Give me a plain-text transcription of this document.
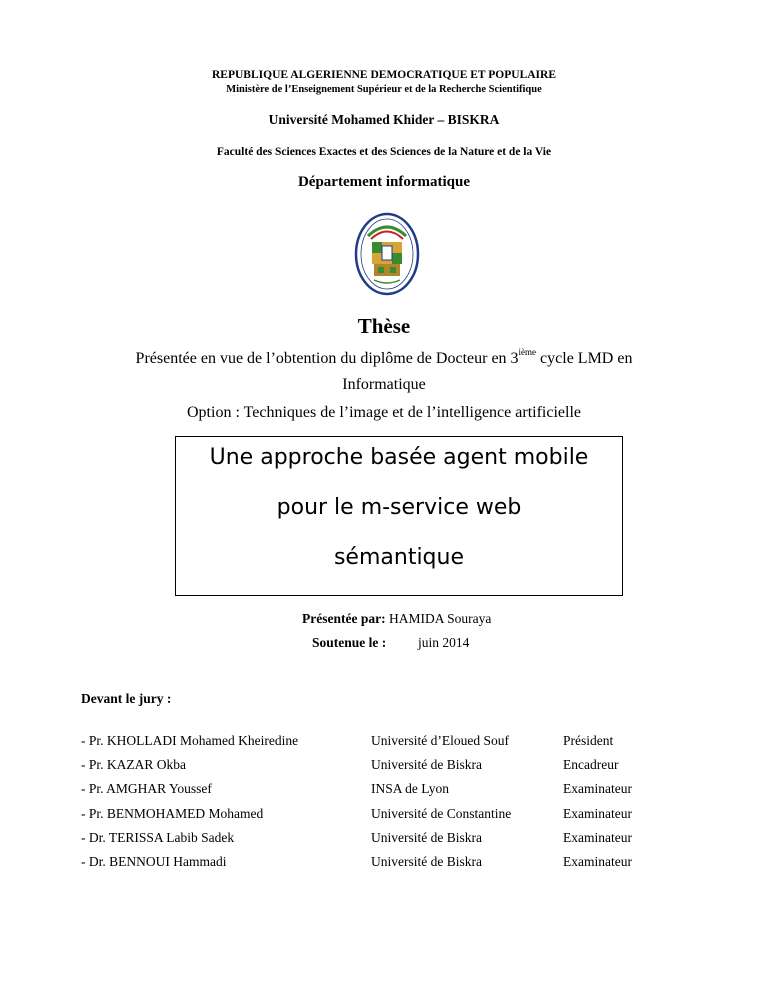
REPUBLIQUE ALGERIENNE DEMOCRATIQUE ET POPULAIRE
Ministère de l’Enseignement Supérieur et de la Recherche Scientifique
Université Mohamed Khider – BISKRA
Faculté des Sciences Exactes et des Sciences de la Nature et de la Vie
Département informatique
Thèse
Présentée en vue de l’obtention du diplôme de Docteur en 3ième cycle LMD en
Informatique
Option : Techniques de l’image et de l’intelligence artificielle
Une approche basée agent mobile
pour le m-service web
sémantique
Présentée par: HAMIDA Souraya
Soutenue le : juin 2014
Devant le jury :
- Pr. KHOLLADI Mohamed Kheiredine	Université d’Eloued Souf	Président
- Pr. KAZAR Okba	Université de Biskra	Encadreur
- Pr. AMGHAR Youssef	INSA de Lyon	Examinateur
- Pr. BENMOHAMED Mohamed	Université de Constantine	Examinateur
- Dr. TERISSA Labib Sadek	Université de Biskra	Examinateur
- Dr. BENNOUI Hammadi	Université de Biskra	Examinateur
